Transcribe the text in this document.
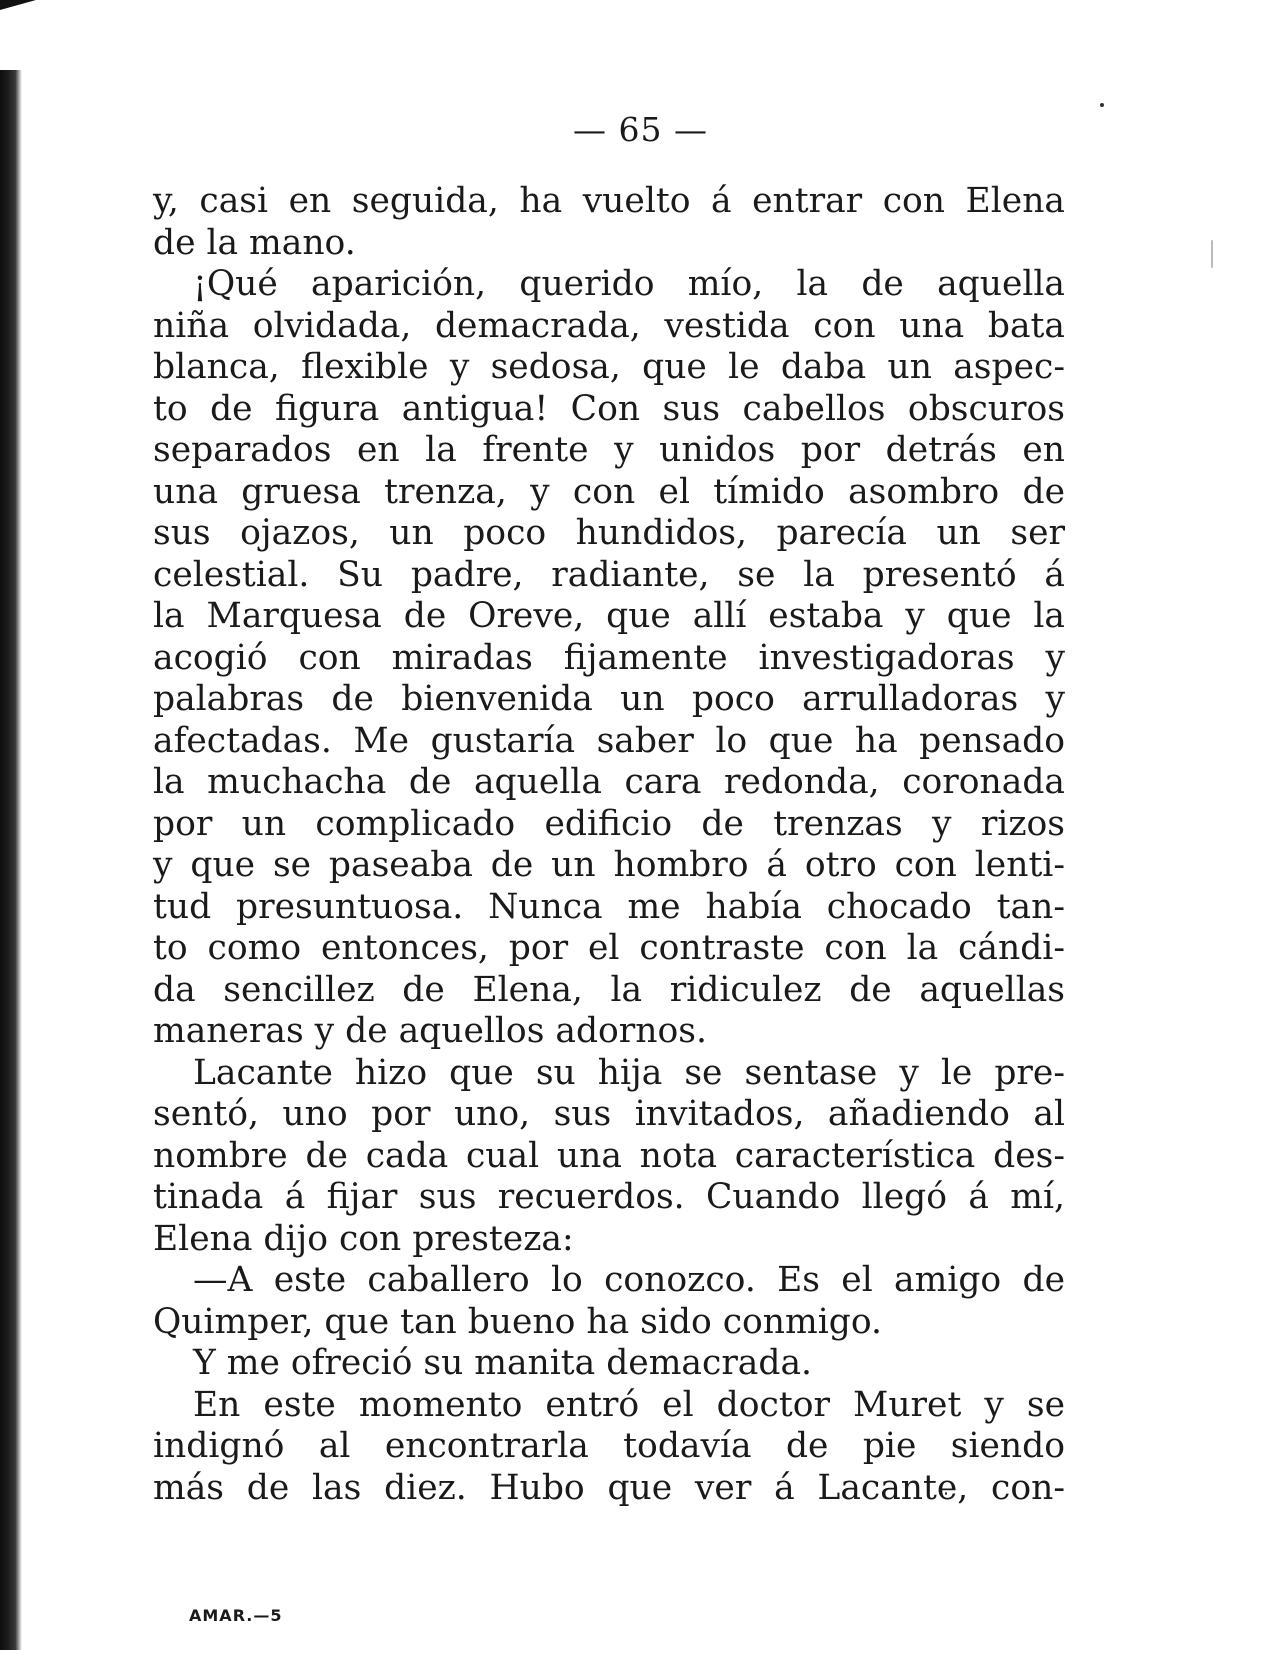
— 65 —
y, casi en seguida, ha vuelto á entrar con Elena
de la mano.
¡Qué aparición, querido mío, la de aquella
niña olvidada, demacrada, vestida con una bata
blanca, flexible y sedosa, que le daba un aspec-
to de figura antigua! Con sus cabellos obscuros
separados en la frente y unidos por detrás en
una gruesa trenza, y con el tímido asombro de
sus ojazos, un poco hundidos, parecía un ser
celestial. Su padre, radiante, se la presentó á
la Marquesa de Oreve, que allí estaba y que la
acogió con miradas fijamente investigadoras y
palabras de bienvenida un poco arrulladoras y
afectadas. Me gustaría saber lo que ha pensado
la muchacha de aquella cara redonda, coronada
por un complicado edificio de trenzas y rizos
y que se paseaba de un hombro á otro con lenti-
tud presuntuosa. Nunca me había chocado tan-
to como entonces, por el contraste con la cándi-
da sencillez de Elena, la ridiculez de aquellas
maneras y de aquellos adornos.
Lacante hizo que su hija se sentase y le pre-
sentó, uno por uno, sus invitados, añadiendo al
nombre de cada cual una nota característica des-
tinada á fijar sus recuerdos. Cuando llegó á mí,
Elena dijo con presteza:
—A este caballero lo conozco. Es el amigo de
Quimper, que tan bueno ha sido conmigo.
Y me ofreció su manita demacrada.
En este momento entró el doctor Muret y se
indignó al encontrarla todavía de pie siendo
más de las diez. Hubo que ver á Lacante, con-
AMAR.—5
